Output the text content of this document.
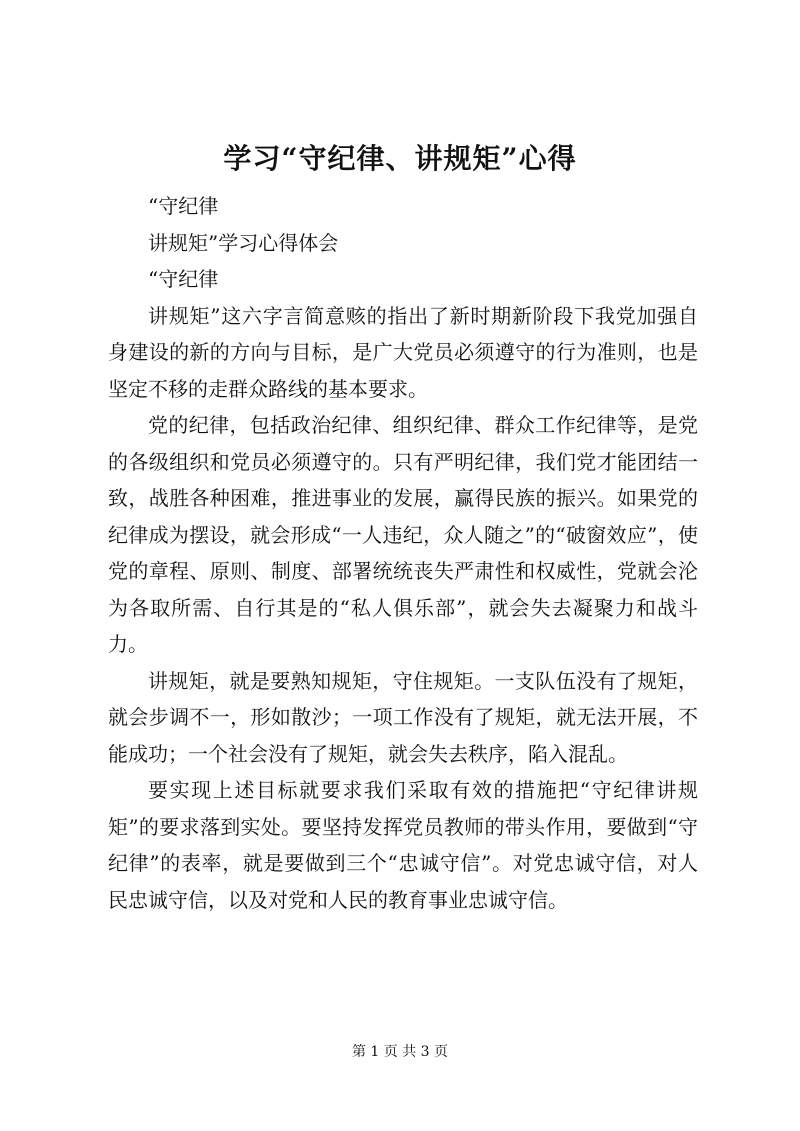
学习“守纪律、讲规矩”心得

“守纪律

讲规矩”学习心得体会

“守纪律

讲规矩”这六字言简意赅的指出了新时期新阶段下我党加强自身建设的新的方向与目标，是广大党员必须遵守的行为准则，也是坚定不移的走群众路线的基本要求。

党的纪律，包括政治纪律、组织纪律、群众工作纪律等，是党的各级组织和党员必须遵守的。只有严明纪律，我们党才能团结一致，战胜各种困难，推进事业的发展，赢得民族的振兴。如果党的纪律成为摆设，就会形成“一人违纪，众人随之”的“破窗效应”，使党的章程、原则、制度、部署统统丧失严肃性和权威性，党就会沦为各取所需、自行其是的“私人俱乐部”，就会失去凝聚力和战斗力。

讲规矩，就是要熟知规矩，守住规矩。一支队伍没有了规矩，就会步调不一，形如散沙；一项工作没有了规矩，就无法开展，不能成功；一个社会没有了规矩，就会失去秩序，陷入混乱。

要实现上述目标就要求我们采取有效的措施把“守纪律讲规矩”的要求落到实处。要坚持发挥党员教师的带头作用，要做到“守纪律”的表率，就是要做到三个“忠诚守信”。对党忠诚守信，对人民忠诚守信，以及对党和人民的教育事业忠诚守信。

第 1 页 共 3 页
